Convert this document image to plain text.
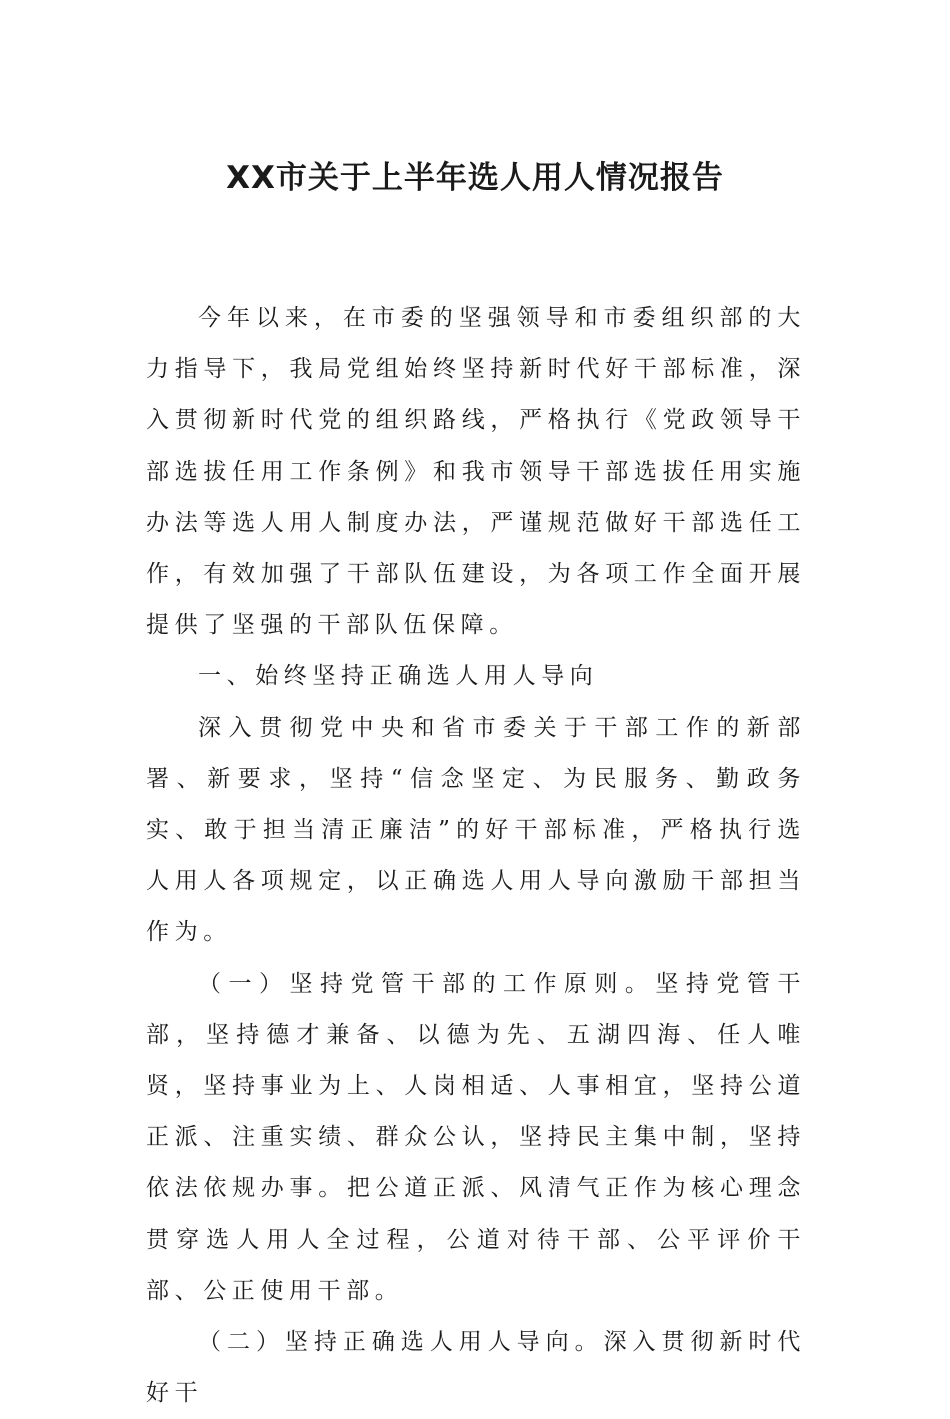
XX市关于上半年选人用人情况报告

今年以来，在市委的坚强领导和市委组织部的大力指导下，我局党组始终坚持新时代好干部标准，深入贯彻新时代党的组织路线，严格执行《党政领导干部选拔任用工作条例》和我市领导干部选拔任用实施办法等选人用人制度办法，严谨规范做好干部选任工作，有效加强了干部队伍建设，为各项工作全面开展提供了坚强的干部队伍保障。

一、始终坚持正确选人用人导向

深入贯彻党中央和省市委关于干部工作的新部署、新要求，坚持“信念坚定、为民服务、勤政务实、敢于担当清正廉洁”的好干部标准，严格执行选人用人各项规定，以正确选人用人导向激励干部担当作为。

（一）坚持党管干部的工作原则。坚持党管干部，坚持德才兼备、以德为先、五湖四海、任人唯贤，坚持事业为上、人岗相适、人事相宜，坚持公道正派、注重实绩、群众公认，坚持民主集中制，坚持依法依规办事。把公道正派、风清气正作为核心理念贯穿选人用人全过程，公道对待干部、公平评价干部、公正使用干部。

（二）坚持正确选人用人导向。深入贯彻新时代好干
